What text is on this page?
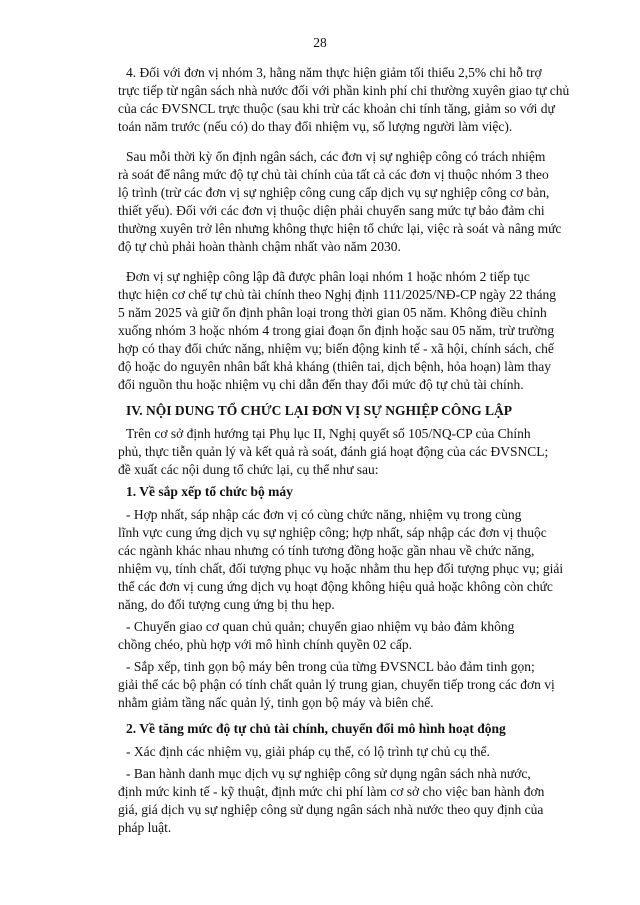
28
4. Đối với đơn vị nhóm 3, hằng năm thực hiện giảm tối thiểu 2,5% chi hỗ trợ
trực tiếp từ ngân sách nhà nước đối với phần kinh phí chi thường xuyên giao tự chủ
của các ĐVSNCL trực thuộc (sau khi trừ các khoản chi tính tăng, giảm so với dự
toán năm trước (nếu có) do thay đổi nhiệm vụ, số lượng người làm việc).
Sau mỗi thời kỳ ổn định ngân sách, các đơn vị sự nghiệp công có trách nhiệm
rà soát để nâng mức độ tự chủ tài chính của tất cả các đơn vị thuộc nhóm 3 theo
lộ trình (trừ các đơn vị sự nghiệp công cung cấp dịch vụ sự nghiệp công cơ bản,
thiết yếu). Đối với các đơn vị thuộc diện phải chuyển sang mức tự bảo đảm chi
thường xuyên trở lên nhưng không thực hiện tổ chức lại, việc rà soát và nâng mức
độ tự chủ phải hoàn thành chậm nhất vào năm 2030.
Đơn vị sự nghiệp công lập đã được phân loại nhóm 1 hoặc nhóm 2 tiếp tục
thực hiện cơ chế tự chủ tài chính theo Nghị định 111/2025/NĐ-CP ngày 22 tháng
5 năm 2025 và giữ ổn định phân loại trong thời gian 05 năm. Không điều chỉnh
xuống nhóm 3 hoặc nhóm 4 trong giai đoạn ổn định hoặc sau 05 năm, trừ trường
hợp có thay đổi chức năng, nhiệm vụ; biến động kinh tế - xã hội, chính sách, chế
độ hoặc do nguyên nhân bất khả kháng (thiên tai, dịch bệnh, hỏa hoạn) làm thay
đổi nguồn thu hoặc nhiệm vụ chi dẫn đến thay đổi mức độ tự chủ tài chính.
IV. NỘI DUNG TỔ CHỨC LẠI ĐƠN VỊ SỰ NGHIỆP CÔNG LẬP
Trên cơ sở định hướng tại Phụ lục II, Nghị quyết số 105/NQ-CP của Chính
phủ, thực tiễn quản lý và kết quả rà soát, đánh giá hoạt động của các ĐVSNCL;
đề xuất các nội dung tổ chức lại, cụ thể như sau:
1. Về sắp xếp tổ chức bộ máy
- Hợp nhất, sáp nhập các đơn vị có cùng chức năng, nhiệm vụ trong cùng
lĩnh vực cung ứng dịch vụ sự nghiệp công; hợp nhất, sáp nhập các đơn vị thuộc
các ngành khác nhau nhưng có tính tương đồng hoặc gần nhau về chức năng,
nhiệm vụ, tính chất, đối tượng phục vụ hoặc nhằm thu hẹp đối tượng phục vụ; giải
thể các đơn vị cung ứng dịch vụ hoạt động không hiệu quả hoặc không còn chức
năng, do đối tượng cung ứng bị thu hẹp.
- Chuyển giao cơ quan chủ quản; chuyển giao nhiệm vụ bảo đảm không
chồng chéo, phù hợp với mô hình chính quyền 02 cấp.
- Sắp xếp, tinh gọn bộ máy bên trong của từng ĐVSNCL bảo đảm tinh gọn;
giải thể các bộ phận có tính chất quản lý trung gian, chuyển tiếp trong các đơn vị
nhằm giảm tầng nấc quản lý, tinh gọn bộ máy và biên chế.
2. Về tăng mức độ tự chủ tài chính, chuyển đổi mô hình hoạt động
- Xác định các nhiệm vụ, giải pháp cụ thể, có lộ trình tự chủ cụ thể.
- Ban hành danh mục dịch vụ sự nghiệp công sử dụng ngân sách nhà nước,
định mức kinh tế - kỹ thuật, định mức chi phí làm cơ sở cho việc ban hành đơn
giá, giá dịch vụ sự nghiệp công sử dụng ngân sách nhà nước theo quy định của
pháp luật.
